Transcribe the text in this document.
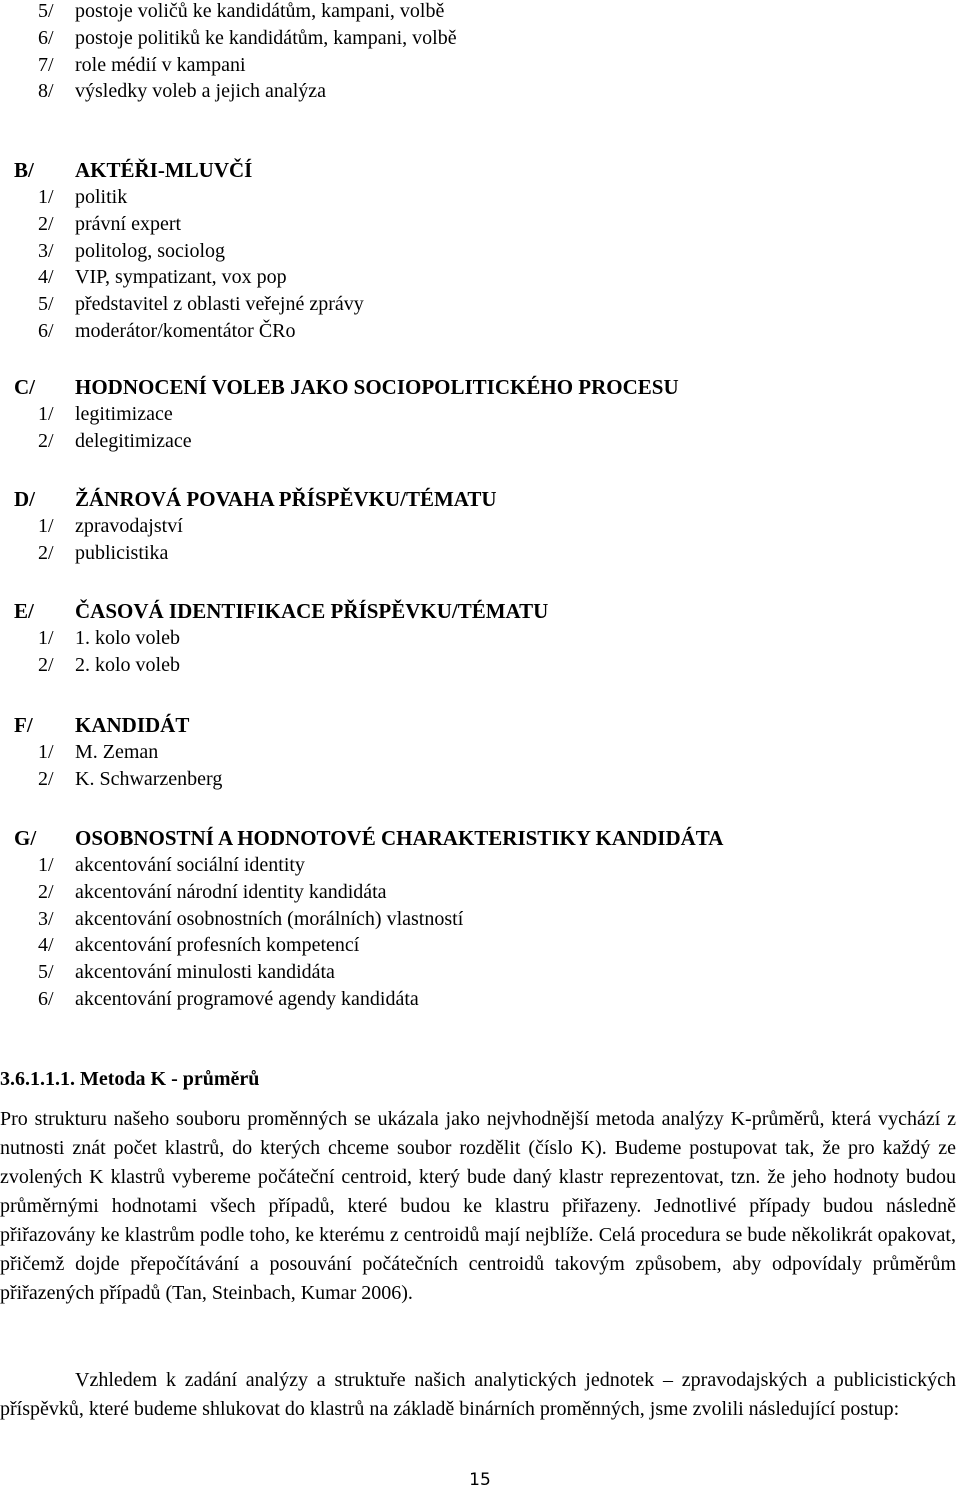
5/ postoje voličů ke kandidátům, kampani, volbě
6/ postoje politiků ke kandidátům, kampani, volbě
7/ role médií v kampani
8/ výsledky voleb a jejich analýza
B/ AKTÉŘI-MLUVČÍ
1/ politik
2/ právní expert
3/ politolog, sociolog
4/ VIP, sympatizant, vox pop
5/ představitel z oblasti veřejné zprávy
6/ moderátor/komentátor ČRo
C/ HODNOCENÍ VOLEB JAKO SOCIOPOLITICKÉHO PROCESU
1/ legitimizace
2/ delegitimizace
D/ ŽÁNROVÁ POVAHA PŘÍSPĚVKU/TÉMATU
1/ zpravodajství
2/ publicistika
E/ ČASOVÁ IDENTIFIKACE PŘÍSPĚVKU/TÉMATU
1/ 1. kolo voleb
2/ 2. kolo voleb
F/ KANDIDÁT
1/ M. Zeman
2/ K. Schwarzenberg
G/ OSOBNOSTNÍ A HODNOTOVÉ CHARAKTERISTIKY KANDIDÁTA
1/ akcentování sociální identity
2/ akcentování národní identity kandidáta
3/ akcentování osobnostních (morálních) vlastností
4/ akcentování profesních kompetencí
5/ akcentování minulosti kandidáta
6/ akcentování programové agendy kandidáta
3.6.1.1.1. Metoda K - průměrů

Pro strukturu našeho souboru proměnných se ukázala jako nejvhodnější metoda analýzy K-průměrů, která vychází z nutnosti znát počet klastrů, do kterých chceme soubor rozdělit (číslo K). Budeme postupovat tak, že pro každý ze zvolených K klastrů vybereme počáteční centroid, který bude daný klastr reprezentovat, tzn. že jeho hodnoty budou průměrnými hodnotami všech případů, které budou ke klastru přiřazeny. Jednotlivé případy budou následně přiřazovány ke klastrům podle toho, ke kterému z centroidů mají nejblíže. Celá procedura se bude několikrát opakovat, přičemž dojde přepočítávání a posouvání počátečních centroidů takovým způsobem, aby odpovídaly průměrům přiřazených případů (Tan, Steinbach, Kumar 2006).

Vzhledem k zadání analýzy a struktuře našich analytických jednotek – zpravodajských a publicistických příspěvků, které budeme shlukovat do klastrů na základě binárních proměnných, jsme zvolili následující postup:

15
